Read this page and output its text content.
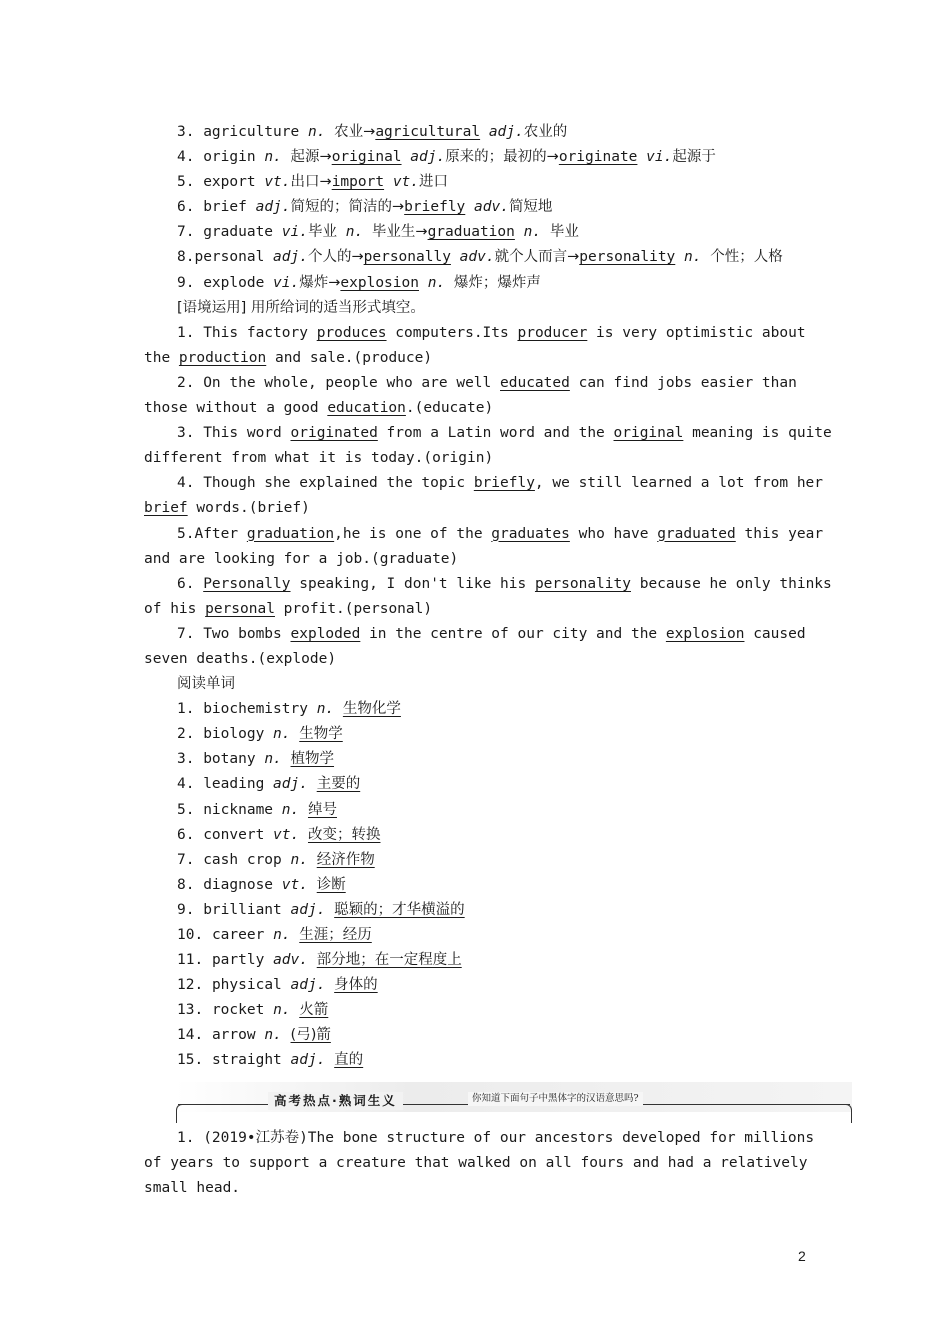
3. agriculture n. 农业→agricultural adj.农业的
4. origin n. 起源→original adj.原来的；最初的→originate vi.起源于
5. export vt.出口→import vt.进口
6. brief adj.简短的；简洁的→briefly adv.简短地
7. graduate vi.毕业 n. 毕业生→graduation n. 毕业
8.personal adj.个人的→personally adv.就个人而言→personality n. 个性；人格
9. explode vi.爆炸→explosion n. 爆炸；爆炸声
[语境运用] 用所给词的适当形式填空。
1. This factory produces computers.Its producer is very optimistic about
the production and sale.(produce)
2. On the whole, people who are well educated can find jobs easier than
those without a good education.(educate)
3. This word originated from a Latin word and the original meaning is quite
different from what it is today.(origin)
4. Though she explained the topic briefly, we still learned a lot from her
brief words.(brief)
5.After graduation,he is one of the graduates who have graduated this year
and are looking for a job.(graduate)
6. Personally speaking, I don't like his personality because he only thinks
of his personal profit.(personal)
7. Two bombs exploded in the centre of our city and the explosion caused
seven deaths.(explode)
阅读单词
1. biochemistry n. 生物化学
2. biology n. 生物学
3. botany n. 植物学
4. leading adj. 主要的
5. nickname n. 绰号
6. convert vt. 改变；转换
7. cash crop n. 经济作物
8. diagnose vt. 诊断
9. brilliant adj. 聪颖的；才华横溢的
10. career n. 生涯；经历
11. partly adv. 部分地；在一定程度上
12. physical adj. 身体的
13. rocket n. 火箭
14. arrow n. (弓)箭
15. straight adj. 直的
高考热点·熟词生义	你知道下面句子中黑体字的汉语意思吗?
1. (2019•江苏卷)The bone structure of our ancestors developed for millions
of years to support a creature that walked on all fours and had a relatively
small head.
2
